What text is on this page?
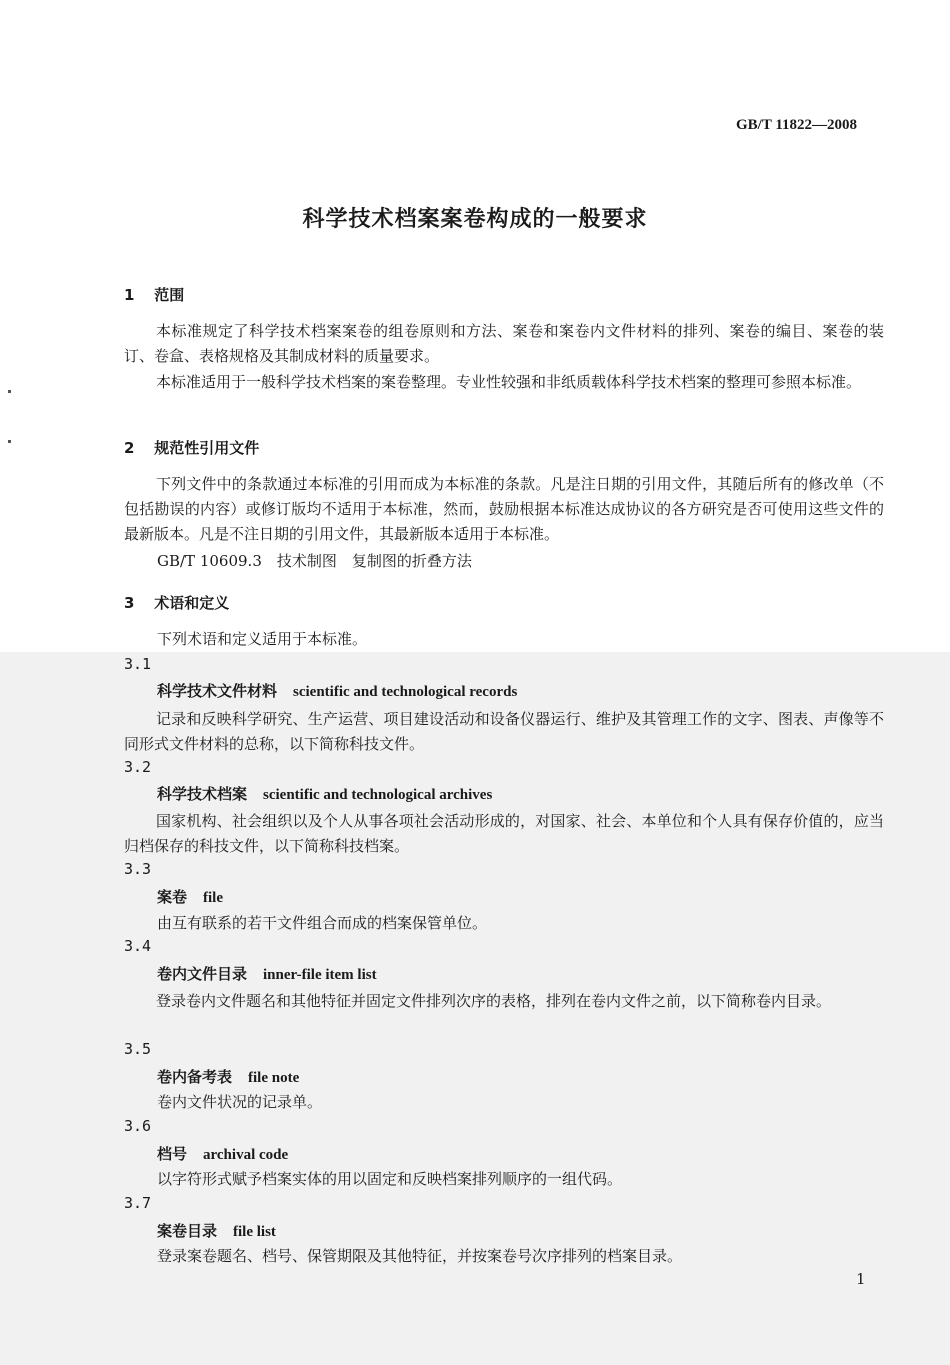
GB/T 11822—2008
科学技术档案案卷构成的一般要求
1 范围
本标准规定了科学技术档案案卷的组卷原则和方法、案卷和案卷内文件材料的排列、案卷的编目、案卷的装订、卷盒、表格规格及其制成材料的质量要求。
本标准适用于一般科学技术档案的案卷整理。专业性较强和非纸质载体科学技术档案的整理可参照本标准。
2 规范性引用文件
下列文件中的条款通过本标准的引用而成为本标准的条款。凡是注日期的引用文件，其随后所有的修改单（不包括勘误的内容）或修订版均不适用于本标准，然而，鼓励根据本标准达成协议的各方研究是否可使用这些文件的最新版本。凡是不注日期的引用文件，其最新版本适用于本标准。
GB/T 10609.3　技术制图　复制图的折叠方法
3 术语和定义
下列术语和定义适用于本标准。
3.1
科学技术文件材料 scientific and technological records
记录和反映科学研究、生产运营、项目建设活动和设备仪器运行、维护及其管理工作的文字、图表、声像等不同形式文件材料的总称，以下简称科技文件。
3.2
科学技术档案 scientific and technological archives
国家机构、社会组织以及个人从事各项社会活动形成的，对国家、社会、本单位和个人具有保存价值的，应当归档保存的科技文件，以下简称科技档案。
3.3
案卷 file
由互有联系的若干文件组合而成的档案保管单位。
3.4
卷内文件目录 inner-file item list
登录卷内文件题名和其他特征并固定文件排列次序的表格，排列在卷内文件之前，以下简称卷内目录。
3.5
卷内备考表 file note
卷内文件状况的记录单。
3.6
档号 archival code
以字符形式赋予档案实体的用以固定和反映档案排列顺序的一组代码。
3.7
案卷目录 file list
登录案卷题名、档号、保管期限及其他特征，并按案卷号次序排列的档案目录。
1
